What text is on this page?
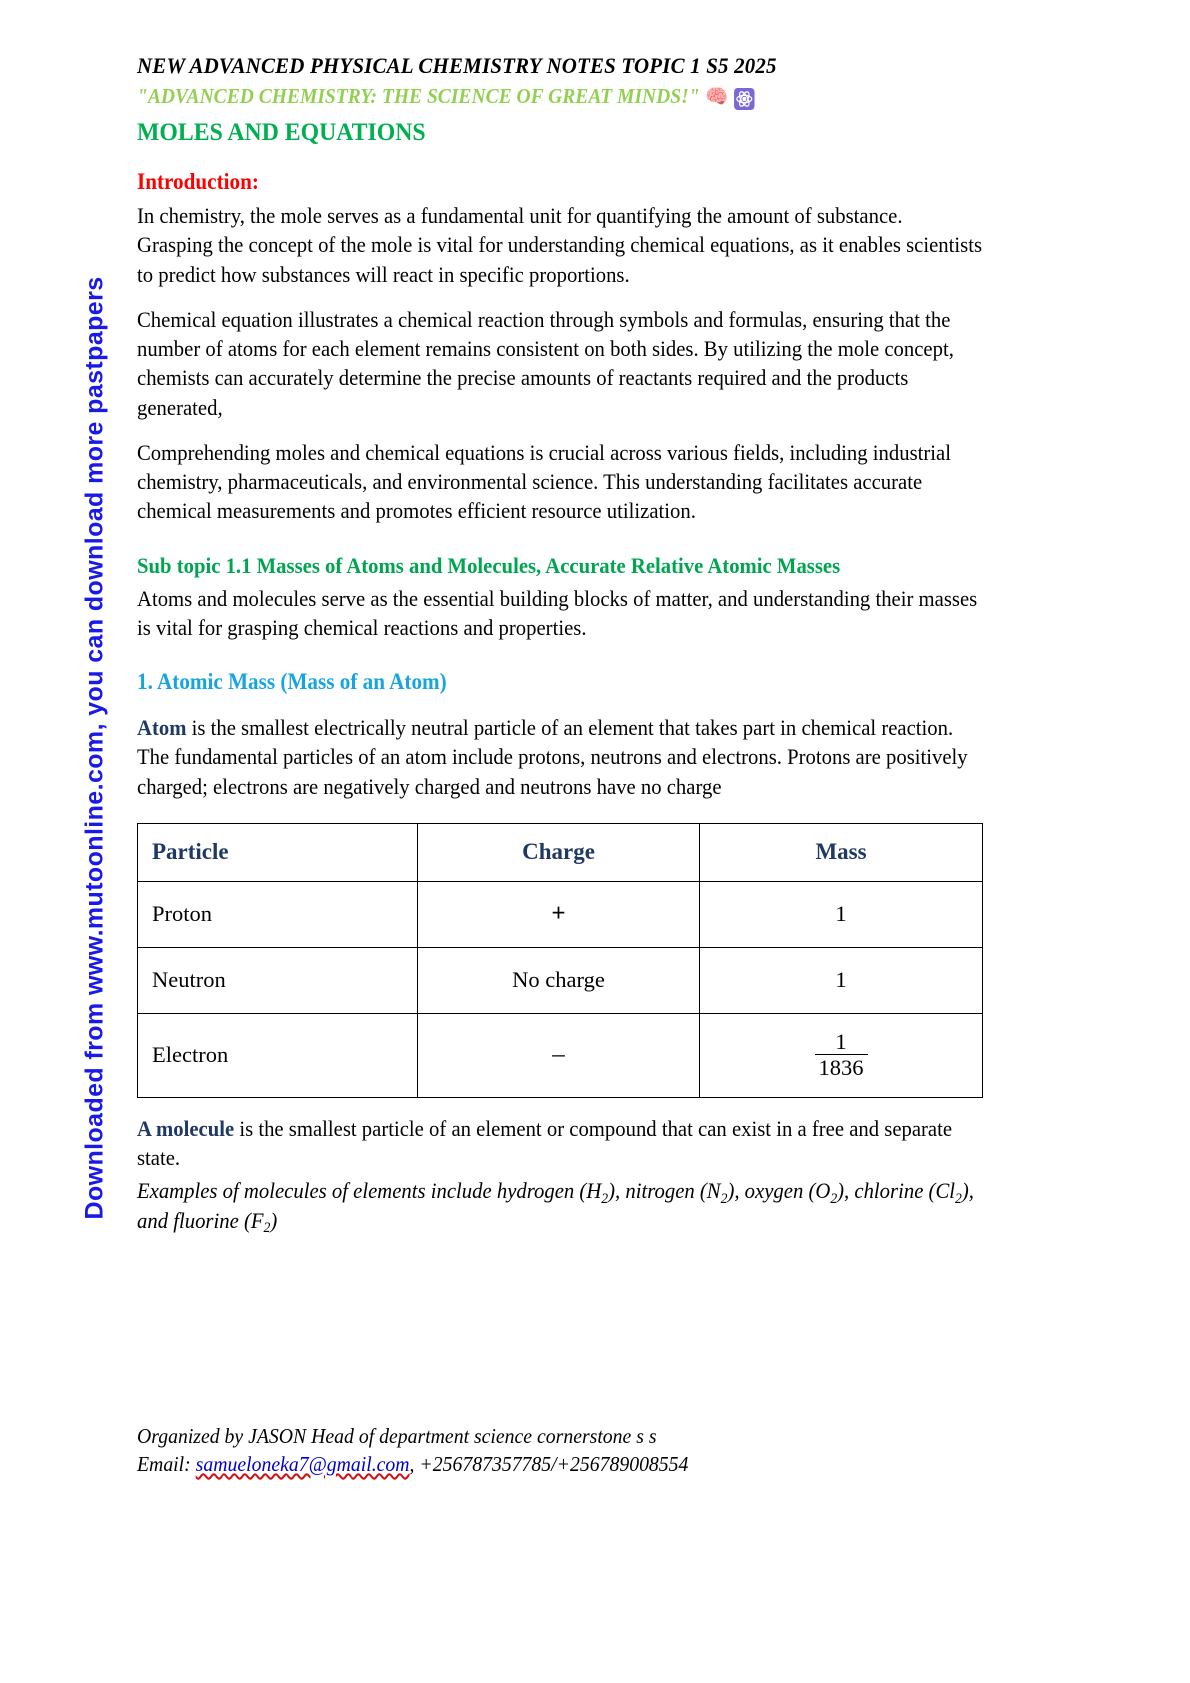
Downloaded from www.mutoonline.com, you can download more pastpapers
NEW ADVANCED PHYSICAL CHEMISTRY NOTES TOPIC 1 S5 2025
"ADVANCED CHEMISTRY: THE SCIENCE OF GREAT MINDS!" 🧠
MOLES AND EQUATIONS
Introduction:
In chemistry, the mole serves as a fundamental unit for quantifying the amount of substance. Grasping the concept of the mole is vital for understanding chemical equations, as it enables scientists to predict how substances will react in specific proportions.
Chemical equation illustrates a chemical reaction through symbols and formulas, ensuring that the number of atoms for each element remains consistent on both sides. By utilizing the mole concept, chemists can accurately determine the precise amounts of reactants required and the products generated,
Comprehending moles and chemical equations is crucial across various fields, including industrial chemistry, pharmaceuticals, and environmental science. This understanding facilitates accurate chemical measurements and promotes efficient resource utilization.
Sub topic 1.1 Masses of Atoms and Molecules, Accurate Relative Atomic Masses
Atoms and molecules serve as the essential building blocks of matter, and understanding their masses is vital for grasping chemical reactions and properties.
1. Atomic Mass (Mass of an Atom)
Atom is the smallest electrically neutral particle of an element that takes part in chemical reaction. The fundamental particles of an atom include protons, neutrons and electrons. Protons are positively charged; electrons are negatively charged and neutrons have no charge
Particle	Charge	Mass
Proton	+	1
Neutron	No charge	1
Electron	–	$\frac{1}{1836}$
A molecule is the smallest particle of an element or compound that can exist in a free and separate state.
Examples of molecules of elements include hydrogen $(H_2)$, nitrogen $(N_2)$, oxygen $(O_2)$, chlorine $(Cl_2)$, and fluorine $(F_2)$
Organized by JASON Head of department science cornerstone s s
Email: samueloneka7@gmail.com, +256787357785/+256789008554
